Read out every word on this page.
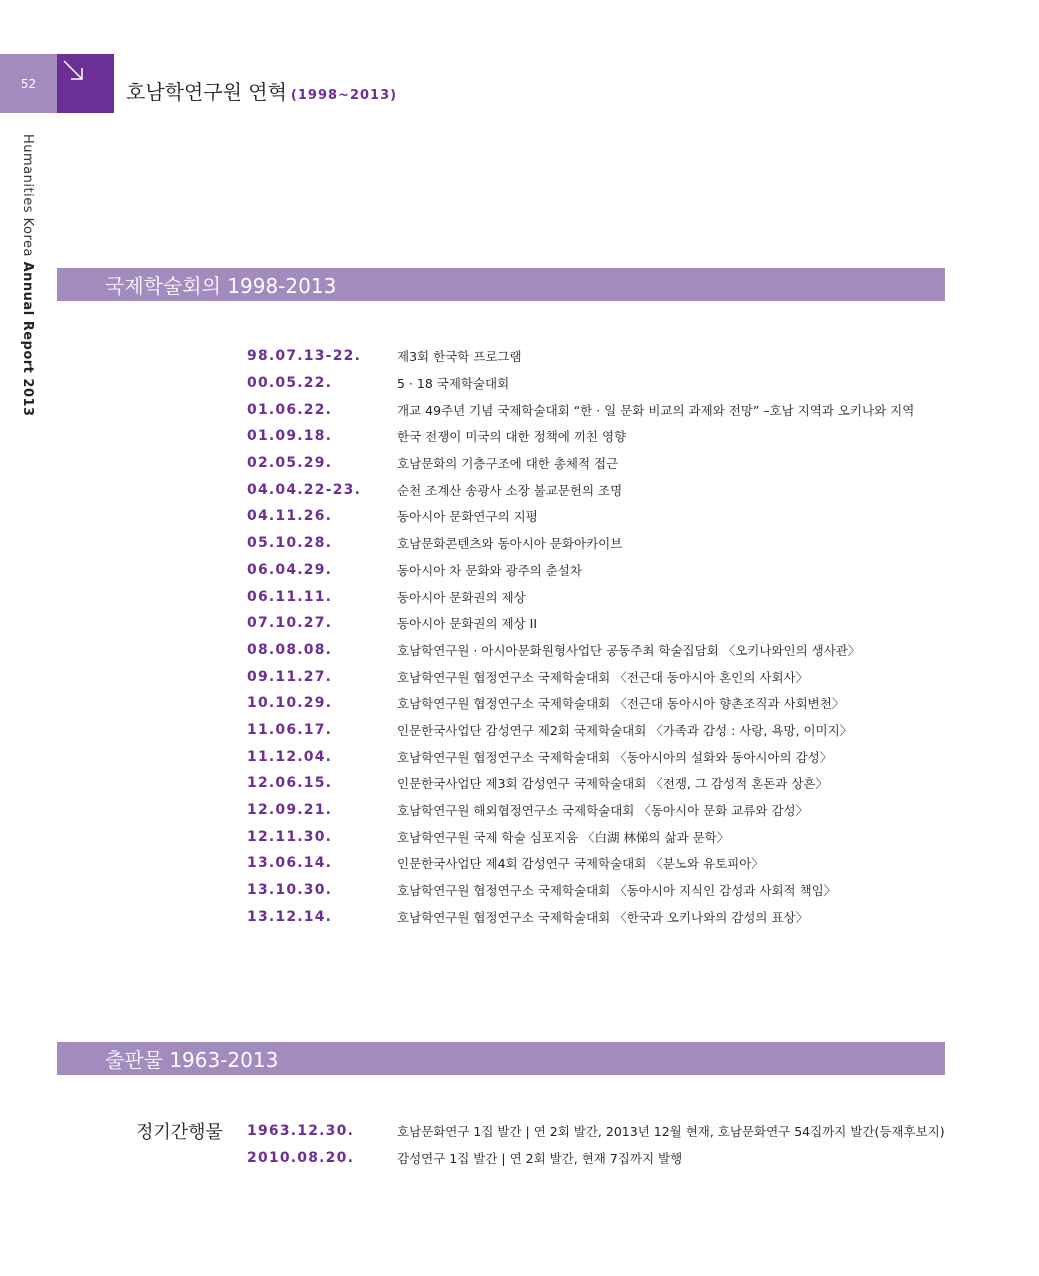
52	호남학연구원 연혁 (1998~2013)
Humanities Korea Annual Report 2013	국제학술회의 1998-2013
98.07.13-22.	제3회 한국학 프로그램
00.05.22.	5 · 18 국제학술대회
01.06.22.	개교 49주년 기념 국제학술대회 “한 · 일 문화 비교의 과제와 전망” –호남 지역과 오키나와 지역
01.09.18.	한국 전쟁이 미국의 대한 정책에 끼친 영향
02.05.29.	호남문화의 기층구조에 대한 총체적 접근
04.04.22-23.	순천 조계산 송광사 소장 불교문헌의 조명
04.11.26.	동아시아 문화연구의 지평
05.10.28.	호남문화콘텐츠와 동아시아 문화아카이브
06.04.29.	동아시아 차 문화와 광주의 춘설차
06.11.11.	동아시아 문화권의 제상
07.10.27.	동아시아 문화권의 제상 II
08.08.08.	호남학연구원 · 아시아문화원형사업단 공동주최 학술집담회 〈오키나와인의 생사관〉
09.11.27.	호남학연구원 협정연구소 국제학술대회 〈전근대 동아시아 혼인의 사회사〉
10.10.29.	호남학연구원 협정연구소 국제학술대회 〈전근대 동아시아 향촌조직과 사회변천〉
11.06.17.	인문한국사업단 감성연구 제2회 국제학술대회 〈가족과 감성 : 사랑, 욕망, 이미지〉
11.12.04.	호남학연구원 협정연구소 국제학술대회 〈동아시아의 설화와 동아시아의 감성〉
12.06.15.	인문한국사업단 제3회 감성연구 국제학술대회 〈전쟁, 그 감성적 혼돈과 상흔〉
12.09.21.	호남학연구원 해외협정연구소 국제학술대회 〈동아시아 문화 교류와 감성〉
12.11.30.	호남학연구원 국제 학술 심포지움 〈白湖 林悌의 삶과 문학〉
13.06.14.	인문한국사업단 제4회 감성연구 국제학술대회 〈분노와 유토피아〉
13.10.30.	호남학연구원 협정연구소 국제학술대회 〈동아시아 지식인 감성과 사회적 책임〉
13.12.14.	호남학연구원 협정연구소 국제학술대회 〈한국과 오키나와의 감성의 표상〉
출판물 1963-2013
정기간행물 1963.12.30.	호남문화연구 1집 발간 | 연 2회 발간, 2013년 12월 현재, 호남문화연구 54집까지 발간(등재후보지)
2010.08.20.	감성연구 1집 발간 | 연 2회 발간, 현재 7집까지 발행
